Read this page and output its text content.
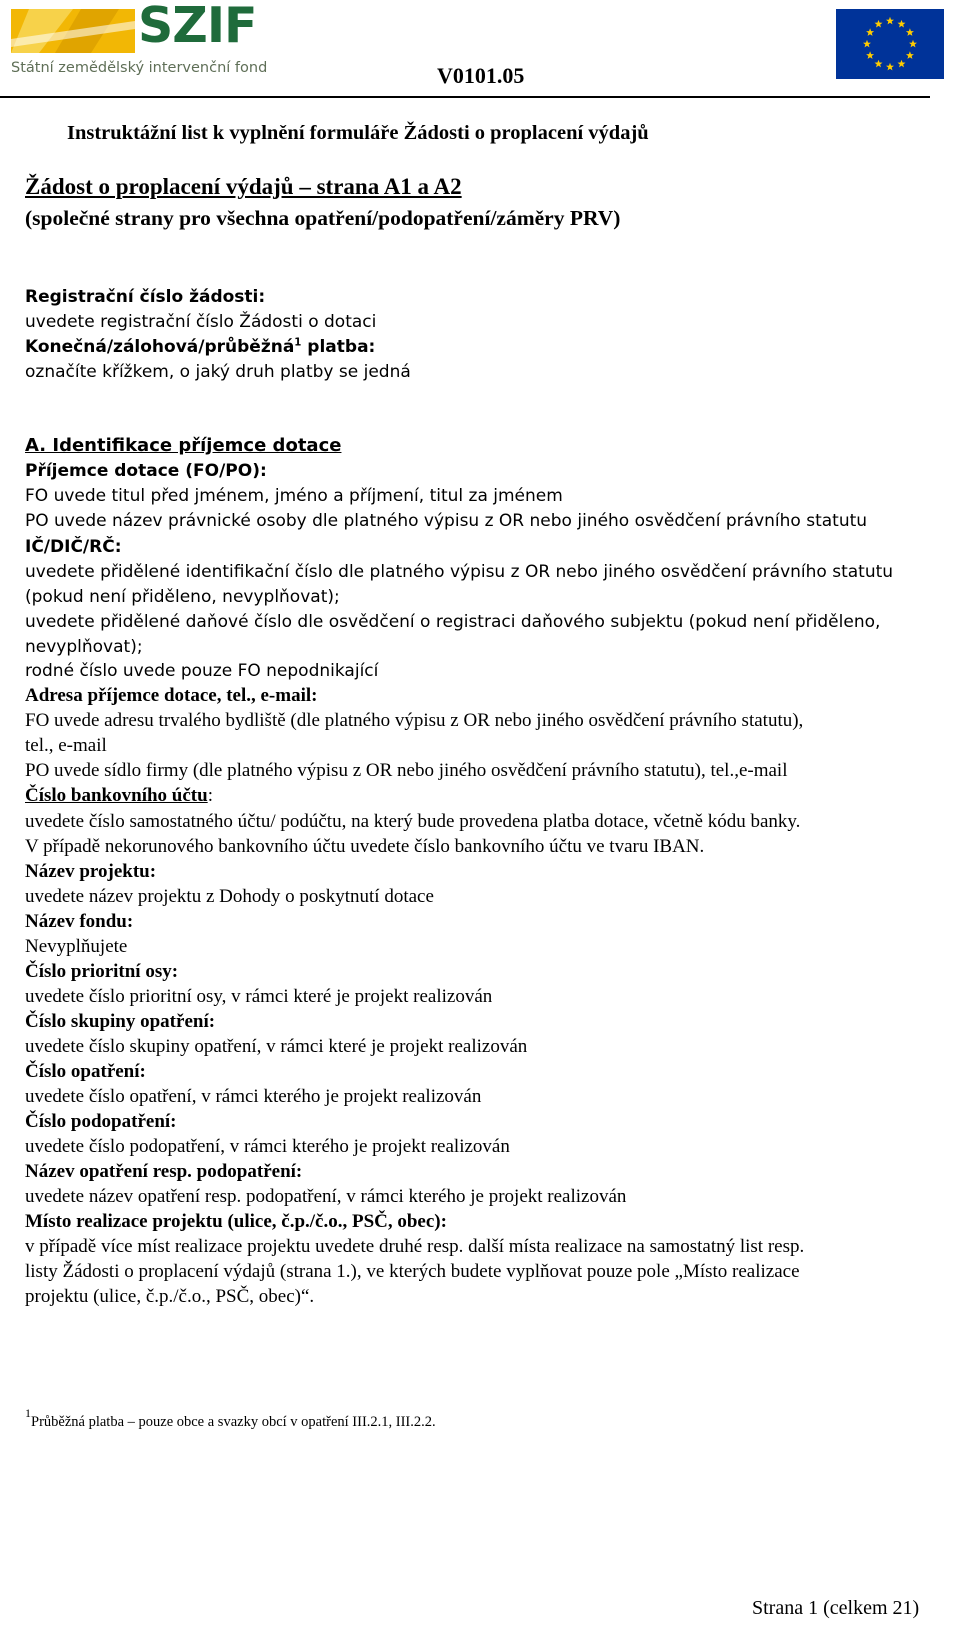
SZIF
Státní zemědělský intervenční fond	V0101.05
Instruktážní list k vyplnění formuláře Žádosti o proplacení výdajů
Žádost o proplacení výdajů – strana A1 a A2
(společné strany pro všechna opatření/podopatření/záměry PRV)
Registrační číslo žádosti:
uvedete registrační číslo Žádosti o dotaci
Konečná/zálohová/průběžná$^1$ platba:
označíte křížkem, o jaký druh platby se jedná
A. Identifikace příjemce dotace
Příjemce dotace (FO/PO):
FO uvede titul před jménem, jméno a příjmení, titul za jménem
PO uvede název právnické osoby dle platného výpisu z OR nebo jiného osvědčení právního statutu
IČ/DIČ/RČ:
uvedete přidělené identifikační číslo dle platného výpisu z OR nebo jiného osvědčení právního statutu
(pokud není přiděleno, nevyplňovat);
uvedete přidělené daňové číslo dle osvědčení o registraci daňového subjektu (pokud není přiděleno,
nevyplňovat);
rodné číslo uvede pouze FO nepodnikající
Adresa příjemce dotace, tel., e-mail:
FO uvede adresu trvalého bydliště (dle platného výpisu z OR nebo jiného osvědčení právního statutu),
tel., e-mail
PO uvede sídlo firmy (dle platného výpisu z OR nebo jiného osvědčení právního statutu), tel.,e-mail
Číslo bankovního účtu:
uvedete číslo samostatného účtu/ podúčtu, na který bude provedena platba dotace, včetně kódu banky.
V případě nekorunového bankovního účtu uvedete číslo bankovního účtu ve tvaru IBAN.
Název projektu:
uvedete název projektu z Dohody o poskytnutí dotace
Název fondu:
Nevyplňujete
Číslo prioritní osy:
uvedete číslo prioritní osy, v rámci které je projekt realizován
Číslo skupiny opatření:
uvedete číslo skupiny opatření, v rámci které je projekt realizován
Číslo opatření:
uvedete číslo opatření, v rámci kterého je projekt realizován
Číslo podopatření:
uvedete číslo podopatření, v rámci kterého je projekt realizován
Název opatření resp. podopatření:
uvedete název opatření resp. podopatření, v rámci kterého je projekt realizován
Místo realizace projektu (ulice, č.p./č.o., PSČ, obec):
v případě více míst realizace projektu uvedete druhé resp. další místa realizace na samostatný list resp.
listy Žádosti o proplacení výdajů (strana 1.), ve kterých budete vyplňovat pouze pole „Místo realizace
projektu (ulice, č.p./č.o., PSČ, obec)“.
$^1$Průběžná platba – pouze obce a svazky obcí v opatření III.2.1, III.2.2.
Strana 1 (celkem 21)
